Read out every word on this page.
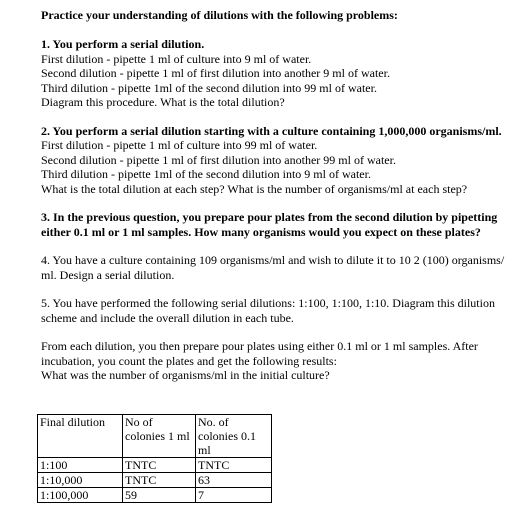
Practice your understanding of dilutions with the following problems:

1. You perform a serial dilution.
First dilution - pipette 1 ml of culture into 9 ml of water.
Second dilution - pipette 1 ml of first dilution into another 9 ml of water.
Third dilution - pipette 1ml of the second dilution into 99 ml of water.
Diagram this procedure. What is the total dilution?
2. You perform a serial dilution starting with a culture containing 1,000,000 organisms/ml.
First dilution - pipette 1 ml of culture into 99 ml of water.
Second dilution - pipette 1 ml of first dilution into another 99 ml of water.
Third dilution - pipette 1ml of the second dilution into 9 ml of water.
What is the total dilution at each step? What is the number of organisms/ml at each step?
3. In the previous question, you prepare pour plates from the second dilution by pipetting
either 0.1 ml or 1 ml samples. How many organisms would you expect on these plates?
4. You have a culture containing 109 organisms/ml and wish to dilute it to 10 2 (100) organisms/
ml. Design a serial dilution.
5. You have performed the following serial dilutions: 1:100, 1:100, 1:10. Diagram this dilution
scheme and include the overall dilution in each tube.
From each dilution, you then prepare pour plates using either 0.1 ml or 1 ml samples. After
incubation, you count the plates and get the following results:
What was the number of organisms/ml in the initial culture?
Final dilution	No of colonies 1 ml	No. of colonies 0.1 ml
1:100	TNTC	TNTC
1:10,000	TNTC	63
1:100,000	59	7
